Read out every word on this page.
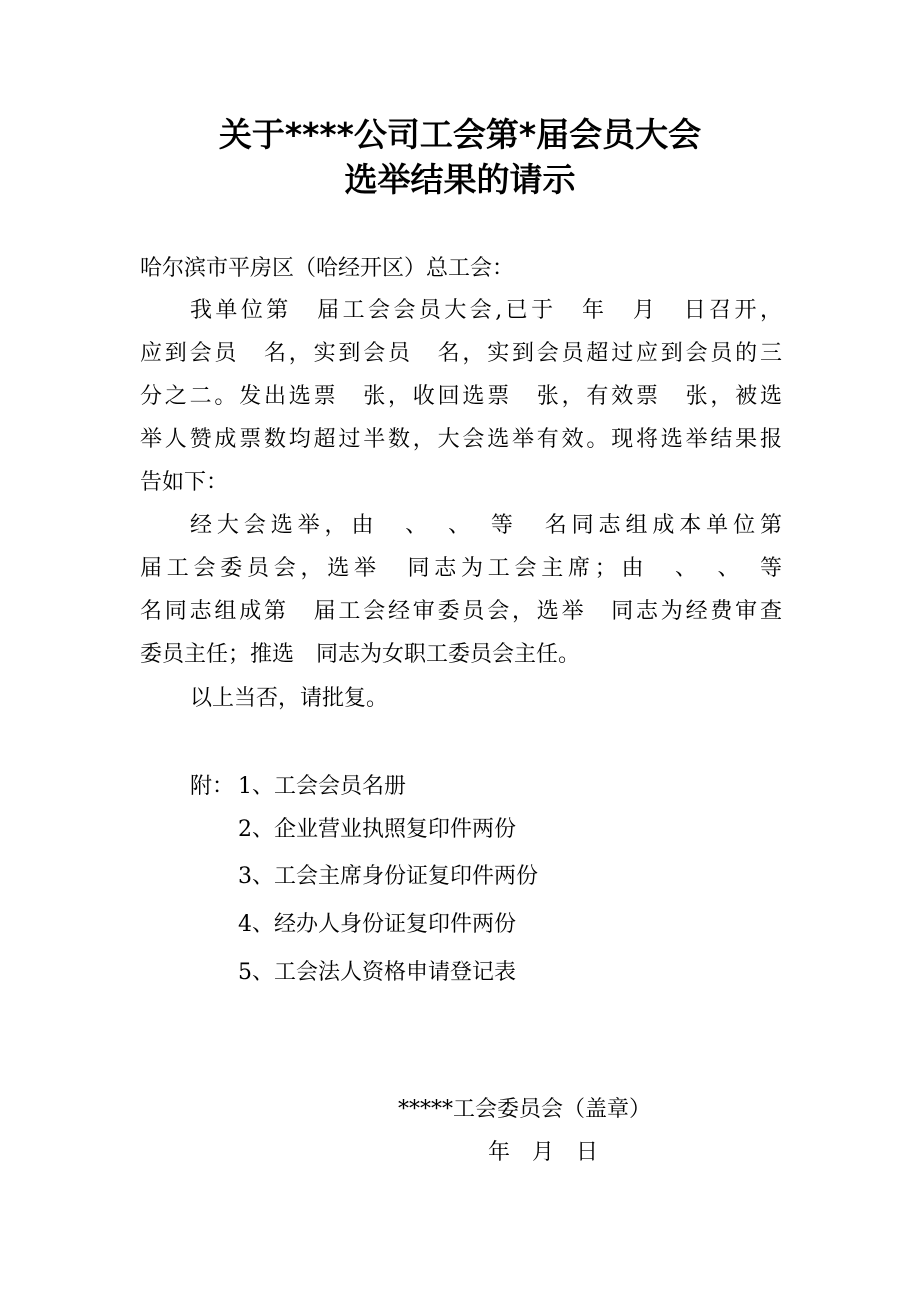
关于****公司工会第*届会员大会
选举结果的请示
哈尔滨市平房区（哈经开区）总工会：
我单位第　届工会会员大会,已于　年　月　日召开，
应到会员　名，实到会员　名，实到会员超过应到会员的三
分之二。发出选票　张，收回选票　张，有效票　张，被选
举人赞成票数均超过半数，大会选举有效。现将选举结果报
告如下：
经大会选举，由　、　、　等　名同志组成本单位第
届工会委员会，选举　同志为工会主席；由　、　、　等
名同志组成第　届工会经审委员会，选举　同志为经费审查
委员主任；推选　同志为女职工委员会主任。
以上当否，请批复。
附： 1、工会会员名册
2、企业营业执照复印件两份
3、工会主席身份证复印件两份
4、经办人身份证复印件两份
5、工会法人资格申请登记表
*****工会委员会（盖章）
年　月　日
